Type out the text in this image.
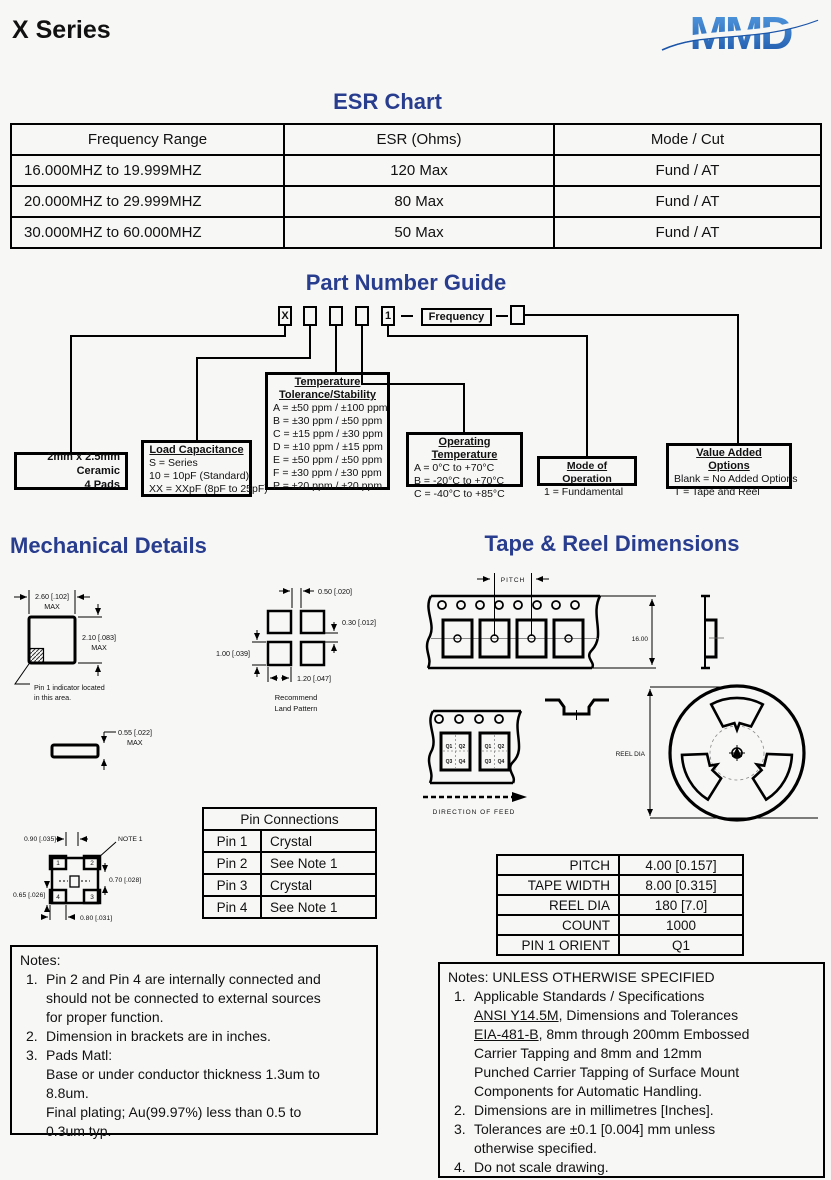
X Series	MMD
ESR Chart
Frequency Range	ESR (Ohms)	Mode / Cut
16.000MHZ to 19.999MHZ	120 Max	Fund / AT
20.000MHZ to 29.999MHZ	80 Max	Fund / AT
30.000MHZ to 60.000MHZ	50 Max	Fund / AT
Part Number Guide
X	1	Frequency
2mm x 2.5mm Ceramic
4 Pads
Load Capacitance
S = Series
10 = 10pF (Standard)
XX = XXpF (8pF to 25pF)
Temperature
Tolerance/Stability
A = ±50 ppm / ±100 ppm
B = ±30 ppm / ±50 ppm
C = ±15 ppm / ±30 ppm
D = ±10 ppm / ±15 ppm
E = ±50 ppm / ±50 ppm
F = ±30 ppm / ±30 ppm
P = ±20 ppm / ±20 ppm
Operating Temperature
A = 0°C to +70°C
B = -20°C to +70°C
C = -40°C to +85°C
Mode of Operation
1 = Fundamental
Value Added Options
Blank = No Added Options
T = Tape and Reel
Mechanical Details	Tape & Reel Dimensions
2.60 [.102]
MAX
2.10 [.083]
MAX
Pin 1 indicator located
in this area.
0.50 [.020]
0.30 [.012]
1.00 [.039]
1.20 [.047]
Recommend
Land Pattern
0.55 [.022]
MAX
1	2
4	3
0.90 [.035]	NOTE 1
0.70 [.028]
0.65 [.026]
0.80 [.031]
PITCH
16.00
Q1 Q2
Q3 Q4
Q1 Q2
Q3 Q4
DIRECTION OF FEED
REEL DIA
Pin Connections	
Pin 1	Crystal
Pin 2	See Note 1
Pin 3	Crystal
Pin 4	See Note 1
Notes:
1. Pin 2 and Pin 4 are internally connected and
should not be connected to external sources
for proper function.
2. Dimension in brackets are in inches.
3. Pads Matl:
Base or under conductor thickness 1.3um to
8.8um.
Final plating; Au(99.97%) less than 0.5 to
0.3um typ.
PITCH	4.00 [0.157]
TAPE WIDTH	8.00 [0.315]
REEL DIA	180 [7.0]
COUNT	1000
PIN 1 ORIENT	Q1
Notes: UNLESS OTHERWISE SPECIFIED
1. Applicable Standards / Specifications
ANSI Y14.5M, Dimensions and Tolerances
EIA-481-B, 8mm through 200mm Embossed
Carrier Tapping and 8mm and 12mm
Punched Carrier Tapping of Surface Mount
Components for Automatic Handling.
2. Dimensions are in millimetres [Inches].
3. Tolerances are ±0.1 [0.004] mm unless
otherwise specified.
4. Do not scale drawing.
